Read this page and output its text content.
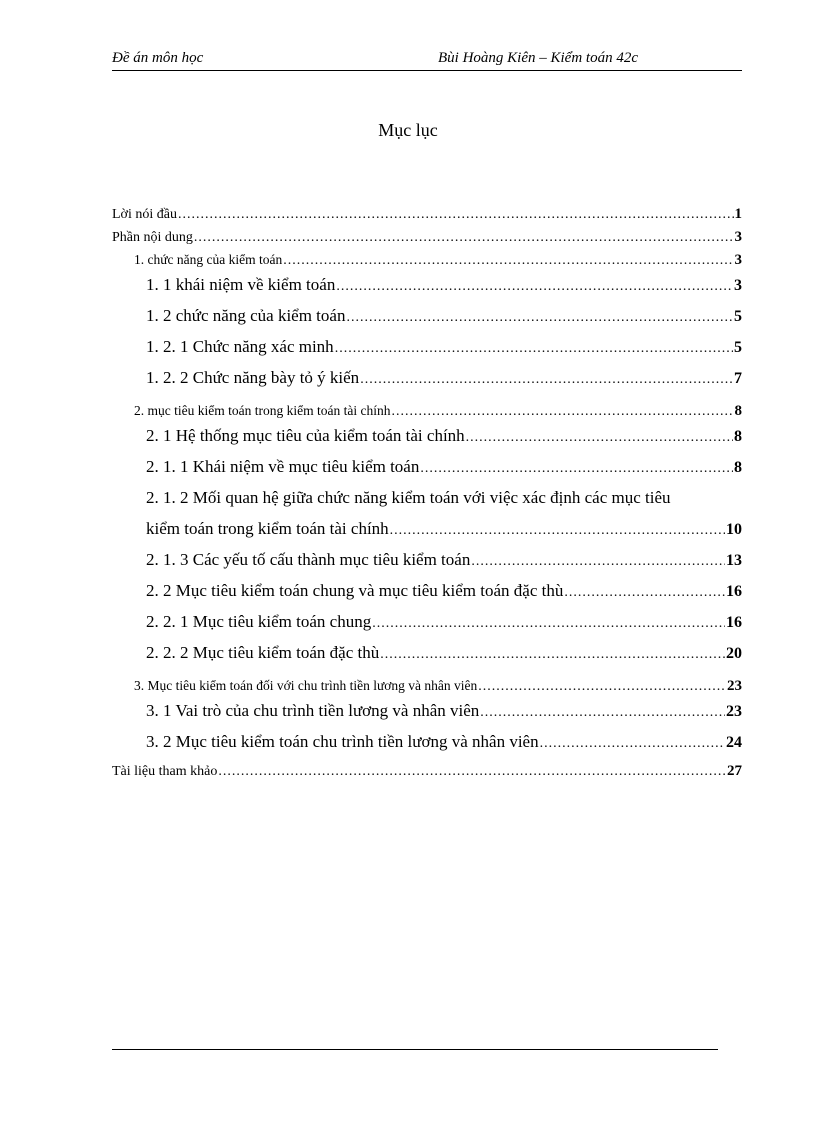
Đề án môn học	Bùi Hoàng Kiên – Kiểm toán 42c
Mục lục
Lời nói đầu .....	1
Phần nội dung .....	3
1. chức năng của kiểm toán .....	3
1. 1 khái niệm về kiểm toán .....	3
1. 2 chức năng của kiểm toán .....	5
1. 2. 1 Chức năng xác minh .....	5
1. 2. 2 Chức năng bày tỏ ý kiến .....	7
2. mục tiêu kiểm toán trong kiểm toán tài chính .....	8
2. 1 Hệ thống mục tiêu của kiểm toán tài chính .....	8
2. 1. 1 Khái niệm về mục tiêu kiểm toán .....	8
2. 1. 2 Mối quan hệ giữa chức năng kiểm toán với việc xác định các mục tiêu
kiểm toán trong kiểm toán tài chính .....	10
2. 1. 3 Các yếu tố cấu thành mục tiêu kiểm toán .....	13
2. 2 Mục tiêu kiểm toán chung và mục tiêu kiểm toán đặc thù .....	16
2. 2. 1 Mục tiêu kiểm toán chung .....	16
2. 2. 2 Mục tiêu kiểm toán đặc thù .....	20
3. Mục tiêu kiểm toán đối với chu trình tiền lương và nhân viên .....	23
3. 1 Vai trò của chu trình tiền lương và nhân viên .....	23
3. 2 Mục tiêu kiểm toán chu trình tiền lương và nhân viên .....	24
Tài liệu tham khảo .....	27
